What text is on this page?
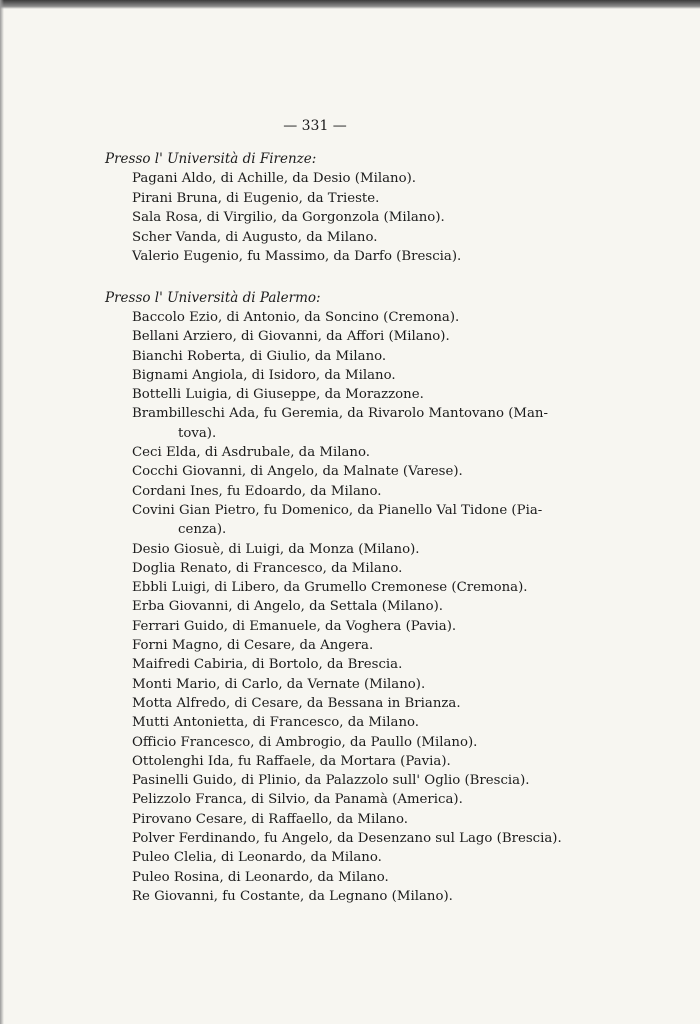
— 331 —

Presso l' Università di Firenze:

Pagani Aldo, di Achille, da Desio (Milano).
Pirani Bruna, di Eugenio, da Trieste.
Sala Rosa, di Virgilio, da Gorgonzola (Milano).
Scher Vanda, di Augusto, da Milano.
Valerio Eugenio, fu Massimo, da Darfo (Brescia).

Presso l' Università di Palermo:

Baccolo Ezio, di Antonio, da Soncino (Cremona).
Bellani Arziero, di Giovanni, da Affori (Milano).
Bianchi Roberta, di Giulio, da Milano.
Bignami Angiola, di Isidoro, da Milano.
Bottelli Luigia, di Giuseppe, da Morazzone.
Brambilleschi Ada, fu Geremia, da Rivarolo Mantovano (Man-
tova).
Ceci Elda, di Asdrubale, da Milano.
Cocchi Giovanni, di Angelo, da Malnate (Varese).
Cordani Ines, fu Edoardo, da Milano.
Covini Gian Pietro, fu Domenico, da Pianello Val Tidone (Pia-
cenza).
Desio Giosuè, di Luigi, da Monza (Milano).
Doglia Renato, di Francesco, da Milano.
Ebbli Luigi, di Libero, da Grumello Cremonese (Cremona).
Erba Giovanni, di Angelo, da Settala (Milano).
Ferrari Guido, di Emanuele, da Voghera (Pavia).
Forni Magno, di Cesare, da Angera.
Maifredi Cabiria, di Bortolo, da Brescia.
Monti Mario, di Carlo, da Vernate (Milano).
Motta Alfredo, di Cesare, da Bessana in Brianza.
Mutti Antonietta, di Francesco, da Milano.
Officio Francesco, di Ambrogio, da Paullo (Milano).
Ottolenghi Ida, fu Raffaele, da Mortara (Pavia).
Pasinelli Guido, di Plinio, da Palazzolo sull' Oglio (Brescia).
Pelizzolo Franca, di Silvio, da Panamà (America).
Pirovano Cesare, di Raffaello, da Milano.
Polver Ferdinando, fu Angelo, da Desenzano sul Lago (Brescia).
Puleo Clelia, di Leonardo, da Milano.
Puleo Rosina, di Leonardo, da Milano.
Re Giovanni, fu Costante, da Legnano (Milano).
